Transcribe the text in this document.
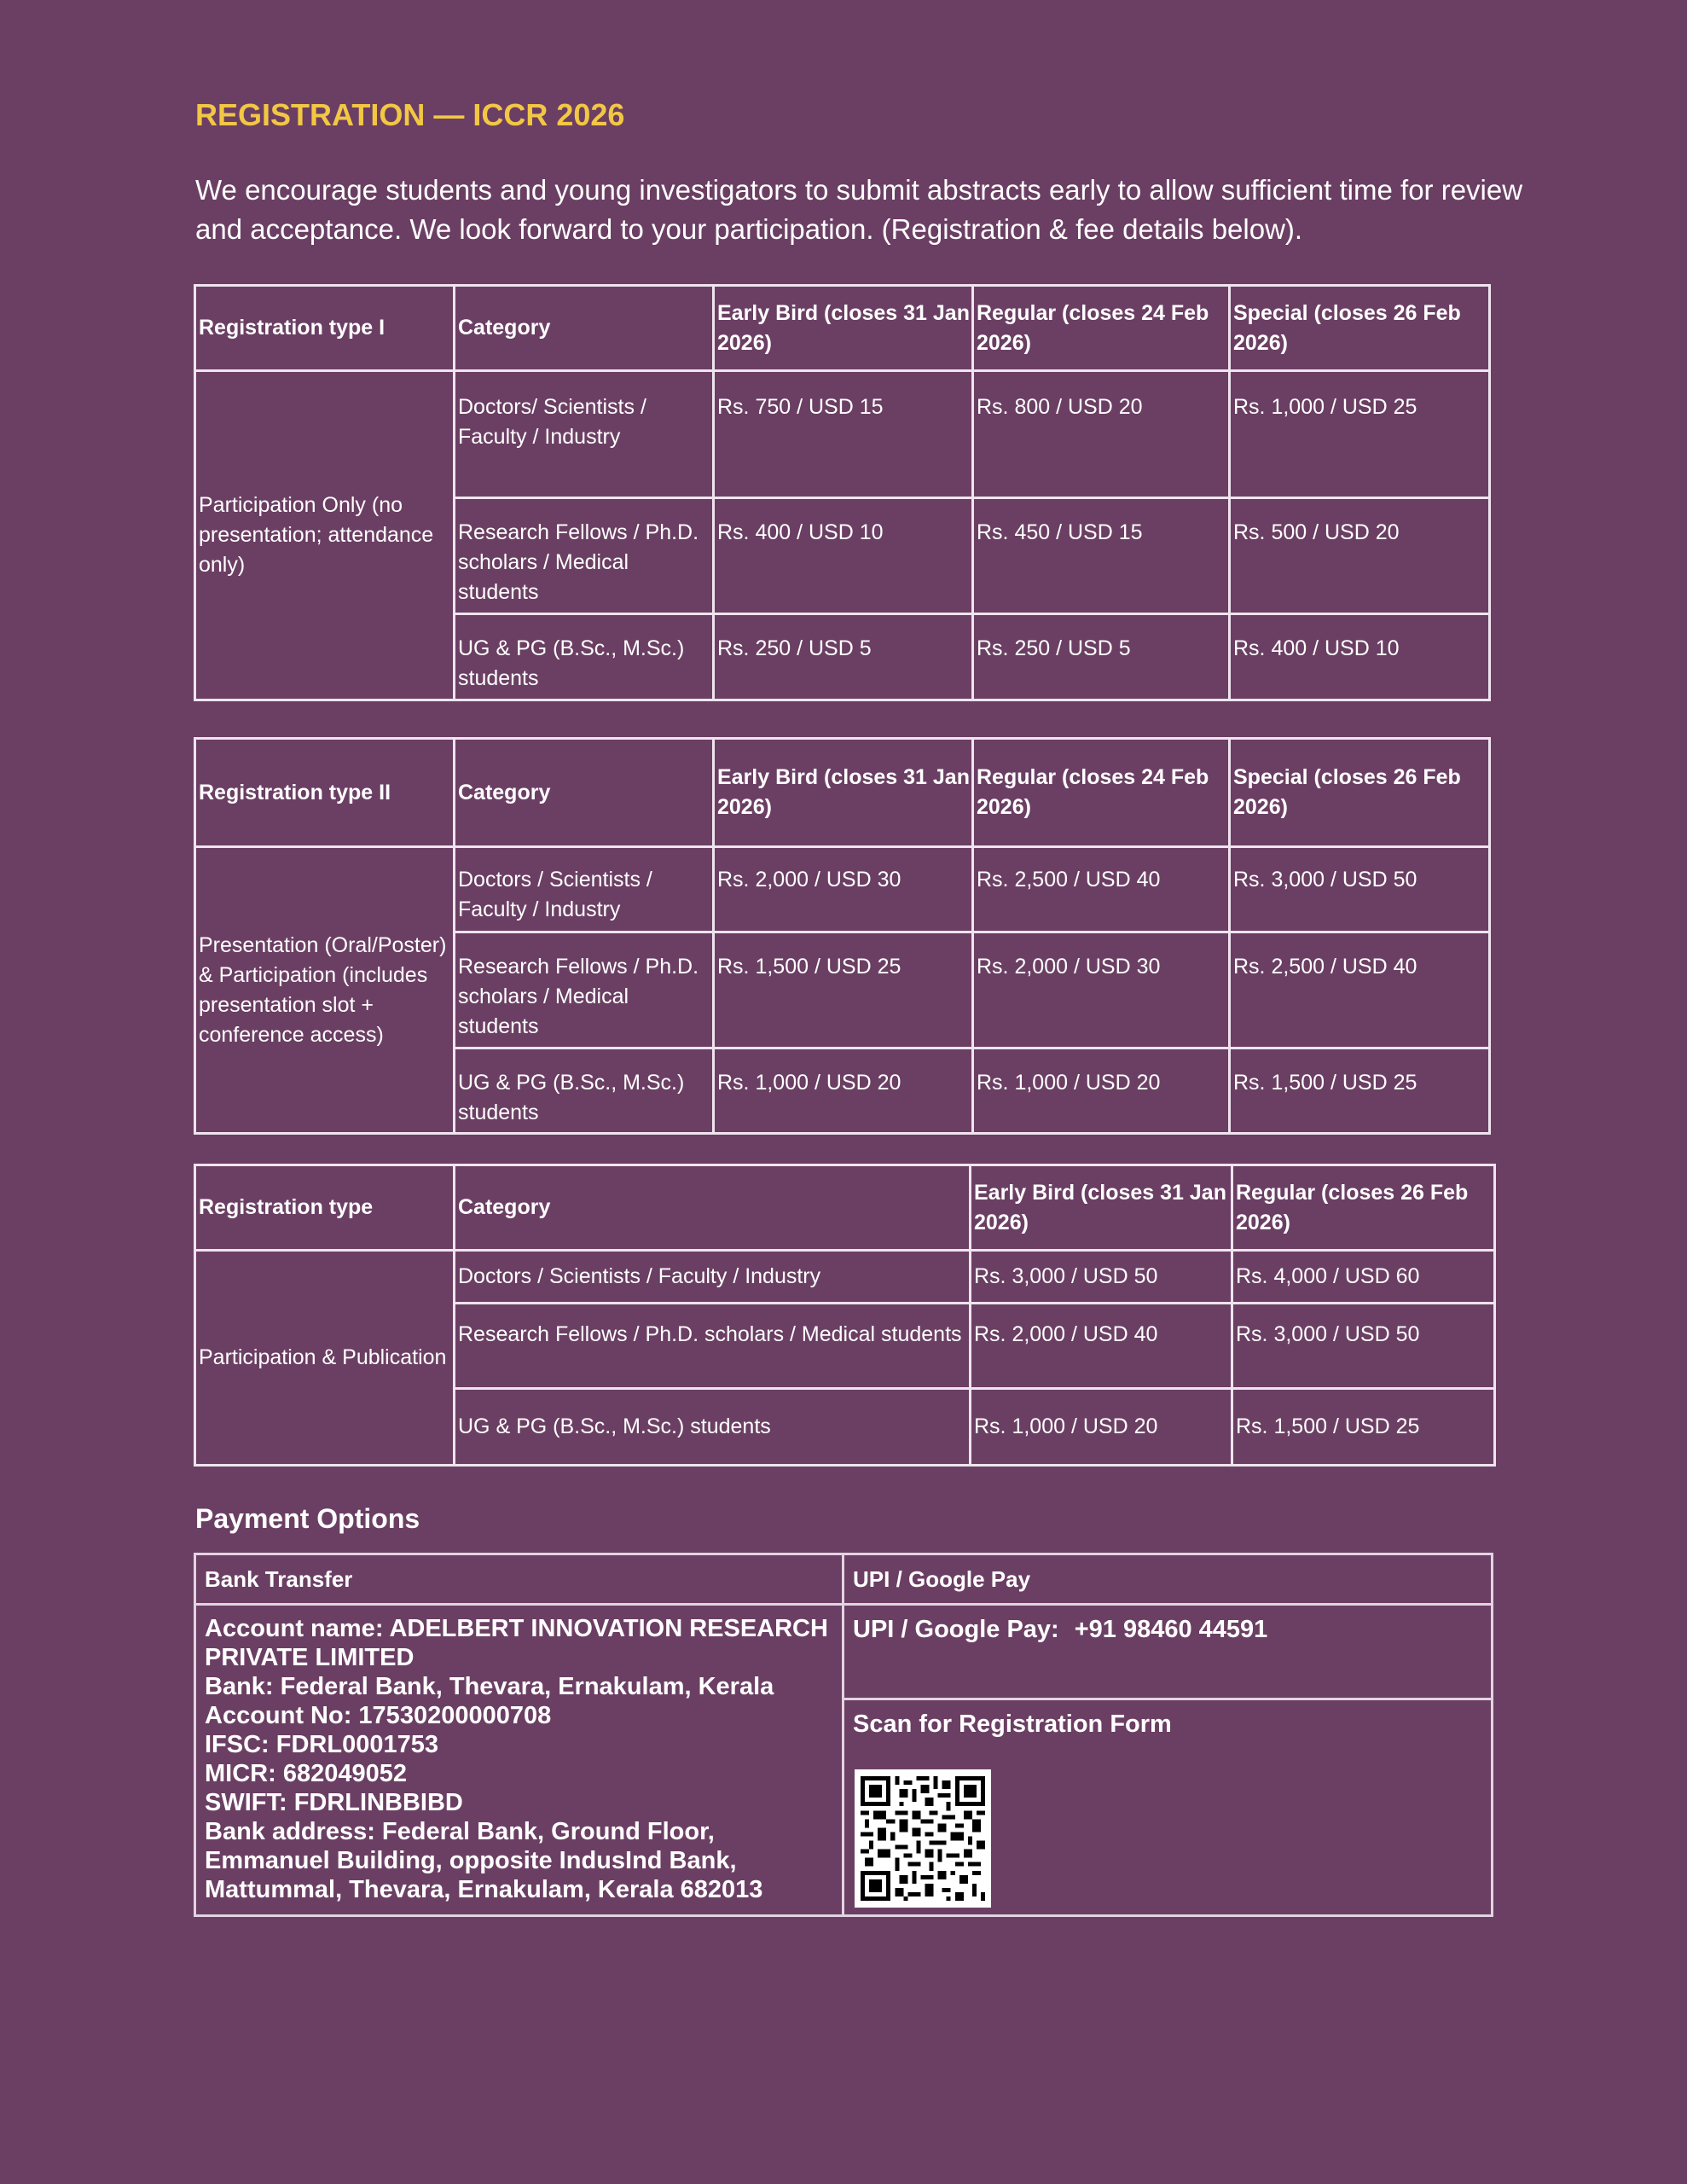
REGISTRATION — ICCR 2026

We encourage students and young investigators to submit abstracts early to allow sufficient time for review and acceptance. We look forward to your participation. (Registration & fee details below).

Registration type I	Category	Early Bird (closes 31 Jan 2026)	Regular (closes 24 Feb 2026)	Special (closes 26 Feb 2026)
Participation Only (no presentation; attendance only)	Doctors/ Scientists / Faculty / Industry	Rs. 750 / USD 15	Rs. 800 / USD 20	Rs. 1,000 / USD 25
	Research Fellows / Ph.D. scholars / Medical students	Rs. 400 / USD 10	Rs. 450 / USD 15	Rs. 500 / USD 20
	UG & PG (B.Sc., M.Sc.) students	Rs. 250 / USD 5	Rs. 250 / USD 5	Rs. 400 / USD 10
Registration type II	Category	Early Bird (closes 31 Jan 2026)	Regular (closes 24 Feb 2026)	Special (closes 26 Feb 2026)
Presentation (Oral/Poster) & Participation (includes presentation slot + conference access)	Doctors / Scientists / Faculty / Industry	Rs. 2,000 / USD 30	Rs. 2,500 / USD 40	Rs. 3,000 / USD 50
	Research Fellows / Ph.D. scholars / Medical students	Rs. 1,500 / USD 25	Rs. 2,000 / USD 30	Rs. 2,500 / USD 40
	UG & PG (B.Sc., M.Sc.) students	Rs. 1,000 / USD 20	Rs. 1,000 / USD 20	Rs. 1,500 / USD 25
Registration type	Category	Early Bird (closes 31 Jan 2026)	Regular (closes 26 Feb 2026)
Participation & Publication	Doctors / Scientists / Faculty / Industry	Rs. 3,000 / USD 50	Rs. 4,000 / USD 60
	Research Fellows / Ph.D. scholars / Medical students	Rs. 2,000 / USD 40	Rs. 3,000 / USD 50
	UG & PG (B.Sc., M.Sc.) students	Rs. 1,000 / USD 20	Rs. 1,500 / USD 25
Payment Options
Bank Transfer	UPI / Google Pay

Account name: ADELBERT INNOVATION RESEARCH
PRIVATE LIMITED
Bank: Federal Bank, Thevara, Ernakulam, Kerala
Account No: 17530200000708
IFSC: FDRL0001753
MICR: 682049052
SWIFT: FDRLINBBIBD
Bank address: Federal Bank, Ground Floor,
Emmanuel Building, opposite IndusInd Bank,
Mattummal, Thevara, Ernakulam, Kerala 682013
	UPI / Google Pay: +91 98460 44591

	Scan for Registration Form
